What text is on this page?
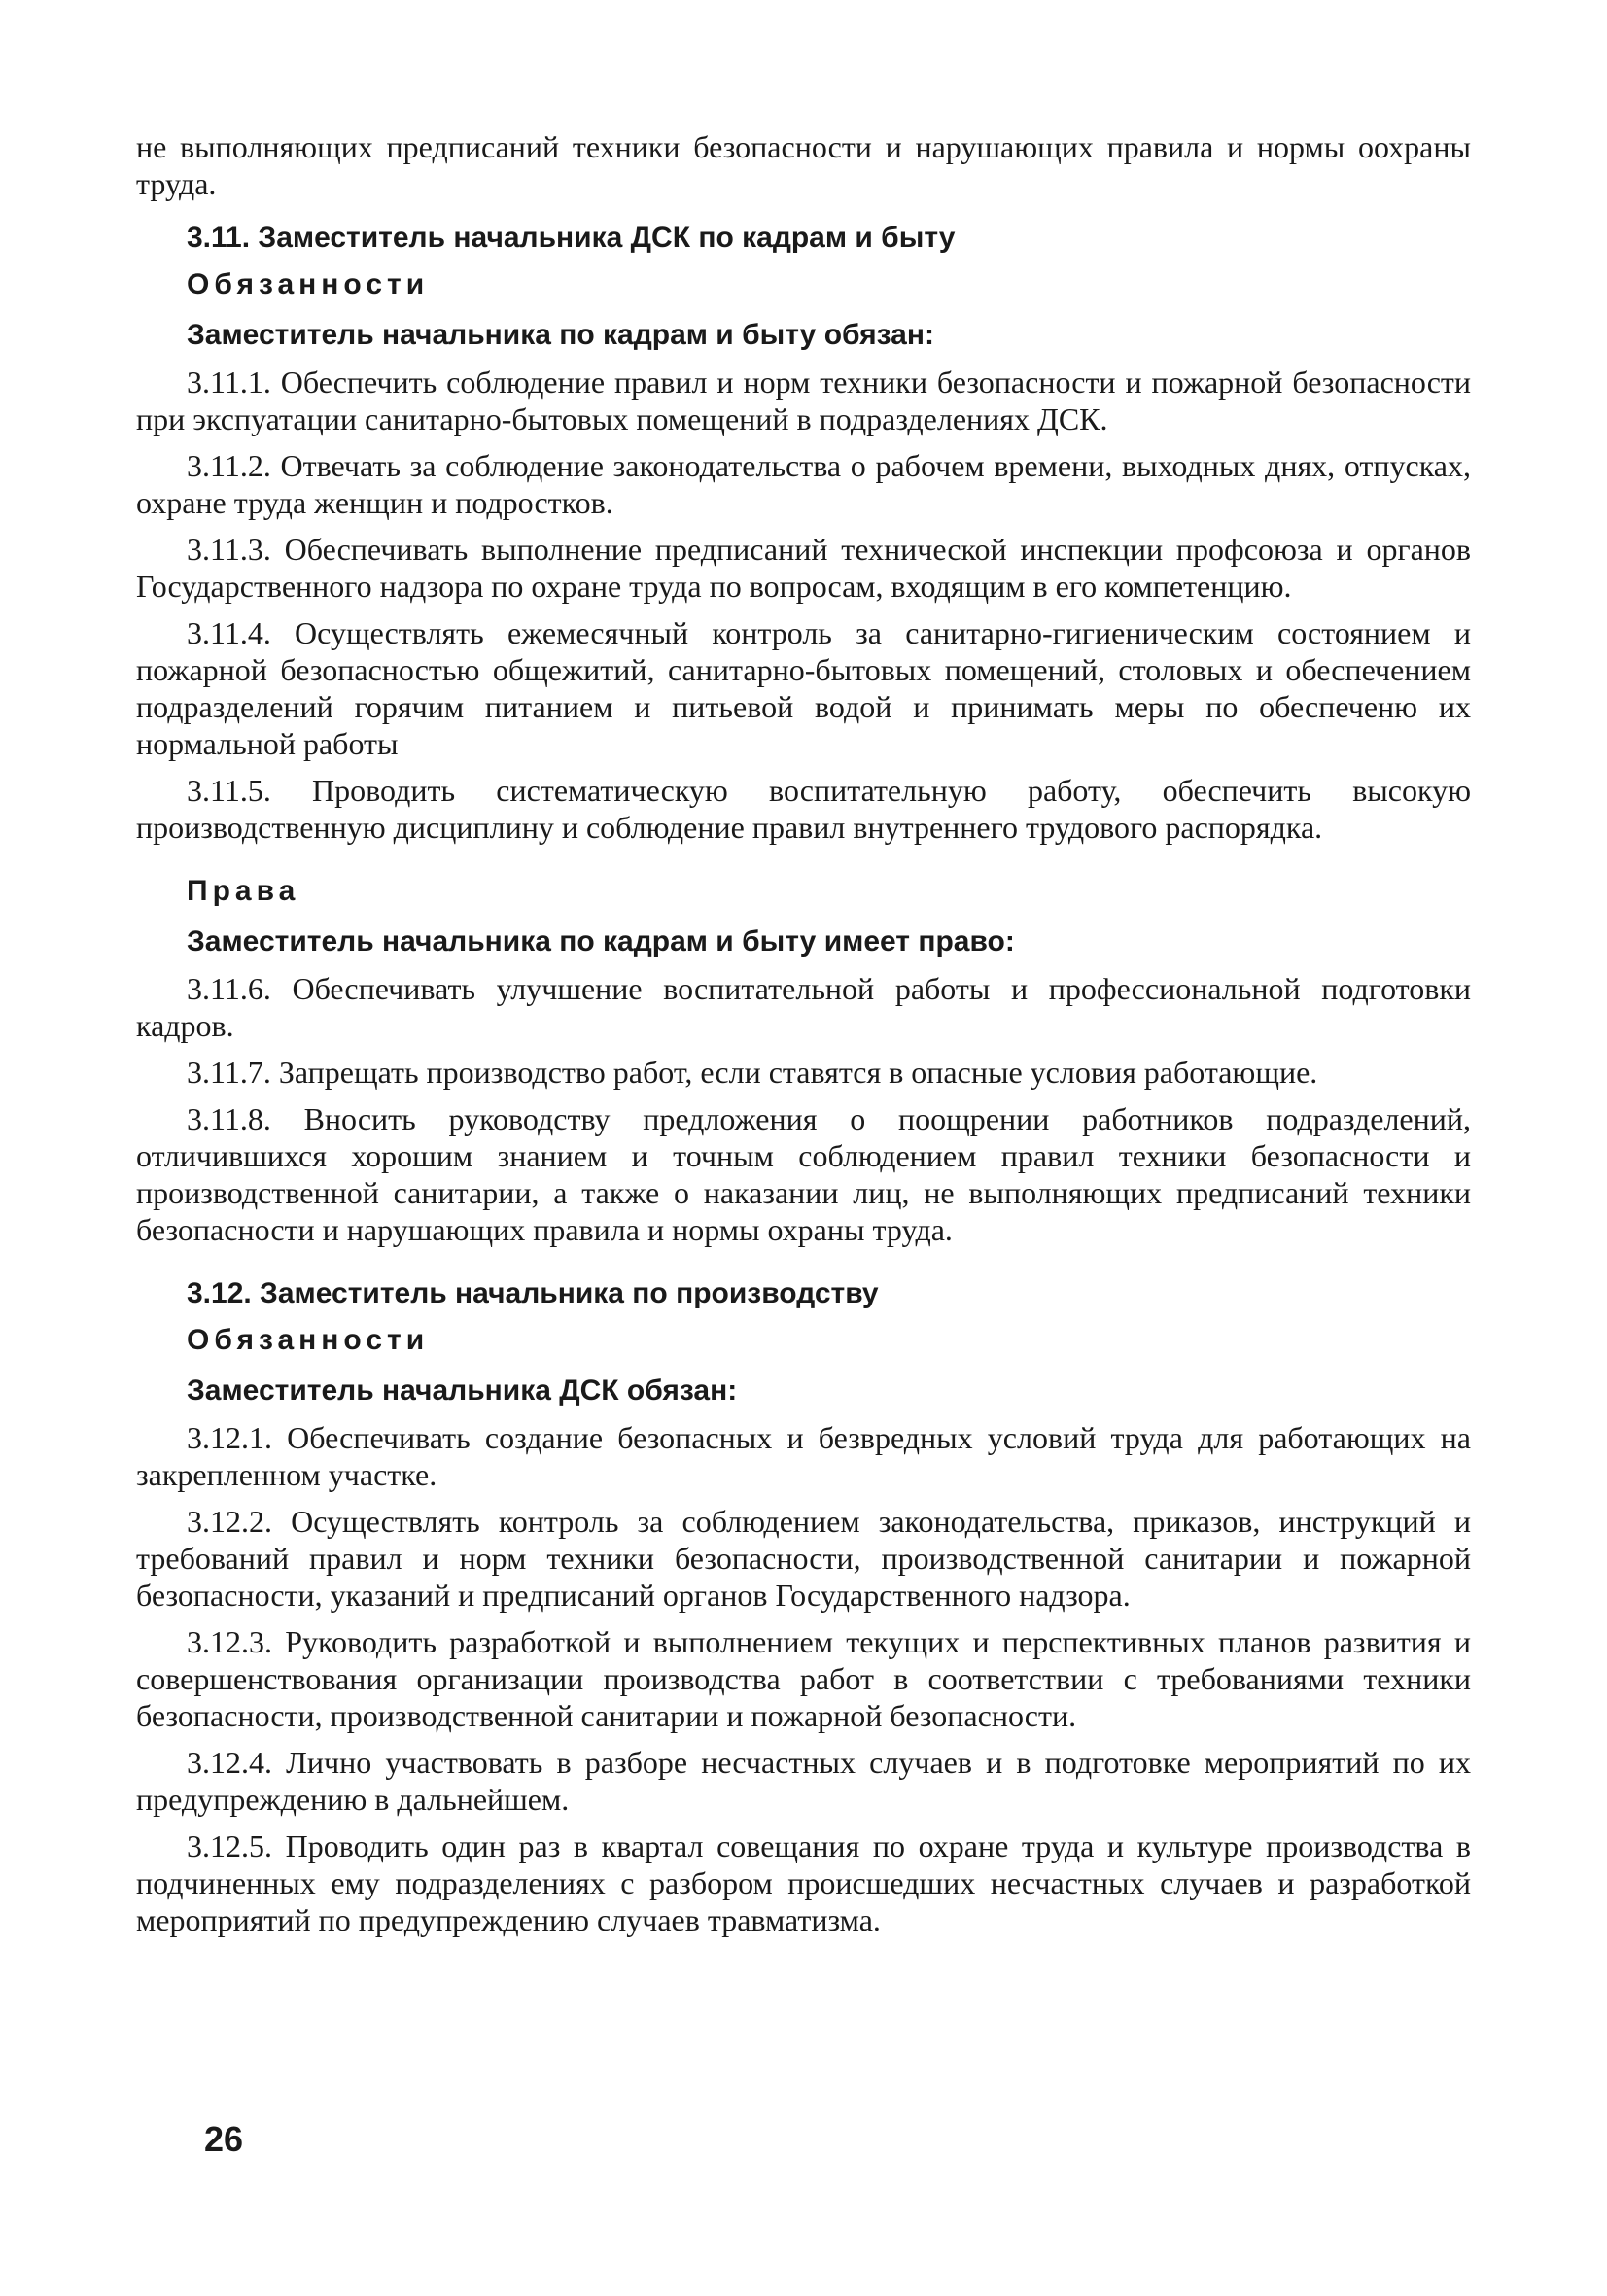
не выполняющих предписаний техники безопасности и нарушающих правила и нормы оохраны труда.
3.11. Заместитель начальника ДСК по кадрам и быту
Обязанности
Заместитель начальника по кадрам и быту обязан:
3.11.1. Обеспечить соблюдение правил и норм техники безопасности и пожарной безопасности при экспуатации санитарно-бытовых помещений в подразделениях ДСК.
3.11.2. Отвечать за соблюдение законодательства о рабочем времени, выходных днях, отпусках, охране труда женщин и подростков.
3.11.3. Обеспечивать выполнение предписаний технической инспекции профсоюза и органов Государственного надзора по охране труда по вопросам, входящим в его компетенцию.
3.11.4. Осуществлять ежемесячный контроль за санитарно-гигиеническим состоянием и пожарной безопасностью общежитий, санитарно-бытовых помещений, столовых и обеспечением подразделений горячим питанием и питьевой водой и принимать меры по обеспеченю их нормальной работы
3.11.5. Проводить систематическую воспитательную работу, обеспечить высокую производственную дисциплину и соблюдение правил внутреннего трудового распорядка.
Права
Заместитель начальника по кадрам и быту имеет право:
3.11.6. Обеспечивать улучшение воспитательной работы и профессиональной подготовки кадров.
3.11.7. Запрещать производство работ, если ставятся в опасные условия работающие.
3.11.8. Вносить руководству предложения о поощрении работников подразделений, отличившихся хорошим знанием и точным соблюдением правил техники безопасности и производственной санитарии, а также о наказании лиц, не выполняющих предписаний техники безопасности и нарушающих правила и нормы охраны труда.
3.12. Заместитель начальника по производству
Обязанности
Заместитель начальника ДСК обязан:
3.12.1. Обеспечивать создание безопасных и безвредных условий труда для работающих на закрепленном участке.
3.12.2. Осуществлять контроль за соблюдением законодательства, приказов, инструкций и требований правил и норм техники безопасности, производственной санитарии и пожарной безопасности, указаний и предписаний органов Государственного надзора.
3.12.3. Руководить разработкой и выполнением текущих и перспективных планов развития и совершенствования организации производства работ в соответствии с требованиями техники безопасности, производственной санитарии и пожарной безопасности.
3.12.4. Лично участвовать в разборе несчастных случаев и в подготовке мероприятий по их предупреждению в дальнейшем.
3.12.5. Проводить один раз в квартал совещания по охране труда и культуре производства в подчиненных ему подразделениях с разбором происшедших несчастных случаев и разработкой мероприятий по предупреждению случаев травматизма.
26
